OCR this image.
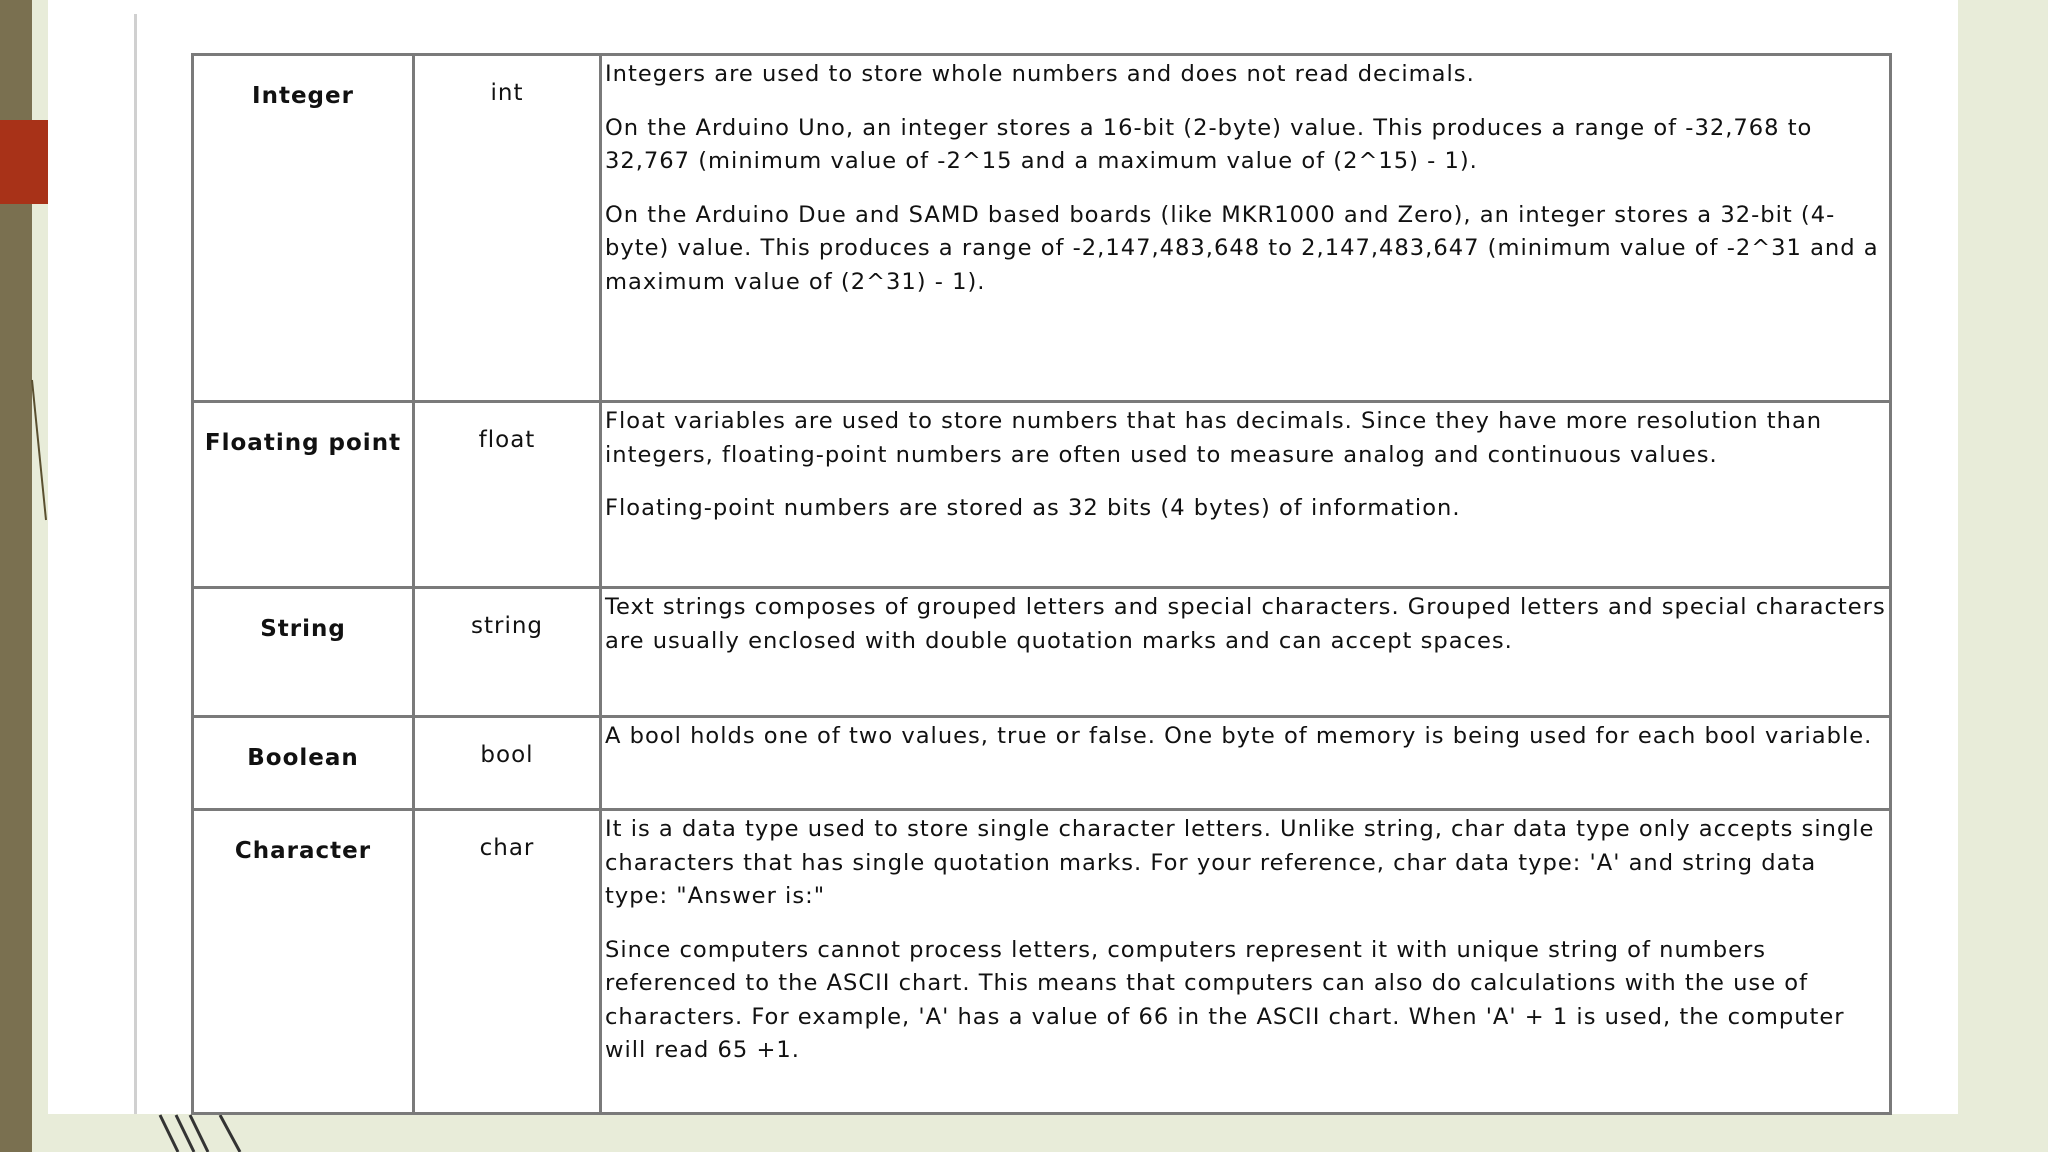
Integer	int	Integers are used to store whole numbers and does not read decimals.

On the Arduino Uno, an integer stores a 16-bit (2-byte) value. This produces a range of -32,768 to 32,767 (minimum value of -2^15 and a maximum value of (2^15) - 1).

On the Arduino Due and SAMD based boards (like MKR1000 and Zero), an integer stores a 32-bit (4-byte) value. This produces a range of -2,147,483,648 to 2,147,483,647 (minimum value of -2^31 and a maximum value of (2^31) - 1).

Floating point	float	Float variables are used to store numbers that has decimals. Since they have more resolution than integers, floating-point numbers are often used to measure analog and continuous values.

Floating-point numbers are stored as 32 bits (4 bytes) of information.

String	string	Text strings composes of grouped letters and special characters. Grouped letters and special characters are usually enclosed with double quotation marks and can accept spaces.

Boolean	bool	A bool holds one of two values, true or false. One byte of memory is being used for each bool variable.

Character	char	It is a data type used to store single character letters. Unlike string, char data type only accepts single characters that has single quotation marks. For your reference, char data type: 'A' and string data type: "Answer is:"

Since computers cannot process letters, computers represent it with unique string of numbers referenced to the ASCII chart. This means that computers can also do calculations with the use of characters. For example, 'A' has a value of 66 in the ASCII chart. When 'A' + 1 is used, the computer will read 65 +1.
